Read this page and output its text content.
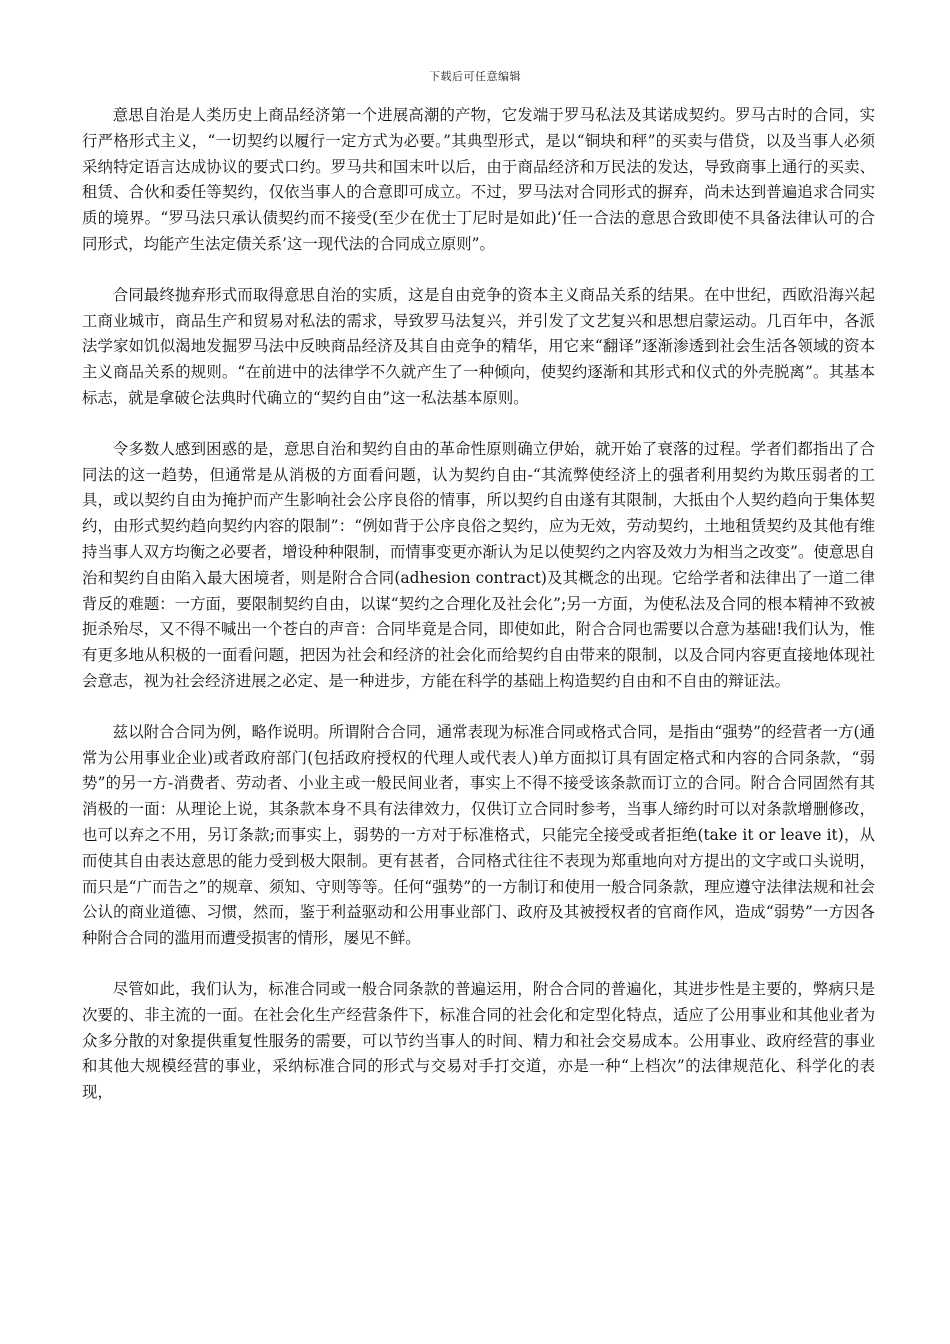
下载后可任意编辑

意思自治是人类历史上商品经济第一个进展高潮的产物，它发端于罗马私法及其诺成契约。罗马古时的合同，实行严格形式主义，“一切契约以履行一定方式为必要。”其典型形式，是以“铜块和秤”的买卖与借贷，以及当事人必须采纳特定语言达成协议的要式口约。罗马共和国末叶以后，由于商品经济和万民法的发达，导致商事上通行的买卖、租赁、合伙和委任等契约，仅依当事人的合意即可成立。不过，罗马法对合同形式的摒弃，尚未达到普遍追求合同实质的境界。“罗马法只承认债契约而不接受(至少在优士丁尼时是如此)‘任一合法的意思合致即使不具备法律认可的合同形式，均能产生法定债关系’这一现代法的合同成立原则”。

合同最终抛弃形式而取得意思自治的实质，这是自由竞争的资本主义商品关系的结果。在中世纪，西欧沿海兴起工商业城市，商品生产和贸易对私法的需求，导致罗马法复兴，并引发了文艺复兴和思想启蒙运动。几百年中，各派法学家如饥似渴地发掘罗马法中反映商品经济及其自由竞争的精华，用它来“翻译”逐渐渗透到社会生活各领域的资本主义商品关系的规则。“在前进中的法律学不久就产生了一种倾向，使契约逐渐和其形式和仪式的外壳脱离”。其基本标志，就是拿破仑法典时代确立的“契约自由”这一私法基本原则。

令多数人感到困惑的是，意思自治和契约自由的革命性原则确立伊始，就开始了衰落的过程。学者们都指出了合同法的这一趋势，但通常是从消极的方面看问题，认为契约自由-“其流弊使经济上的强者利用契约为欺压弱者的工具，或以契约自由为掩护而产生影响社会公序良俗的情事，所以契约自由遂有其限制，大抵由个人契约趋向于集体契约，由形式契约趋向契约内容的限制”：“例如背于公序良俗之契约，应为无效，劳动契约，土地租赁契约及其他有维持当事人双方均衡之必要者，增设种种限制，而情事变更亦渐认为足以使契约之内容及效力为相当之改变”。使意思自治和契约自由陷入最大困境者，则是附合合同(adhesion contract)及其概念的出现。它给学者和法律出了一道二律背反的难题：一方面，要限制契约自由，以谋“契约之合理化及社会化”;另一方面，为使私法及合同的根本精神不致被扼杀殆尽，又不得不喊出一个苍白的声音：合同毕竟是合同，即使如此，附合合同也需要以合意为基础!我们认为，惟有更多地从积极的一面看问题，把因为社会和经济的社会化而给契约自由带来的限制，以及合同内容更直接地体现社会意志，视为社会经济进展之必定、是一种进步，方能在科学的基础上构造契约自由和不自由的辩证法。

兹以附合合同为例，略作说明。所谓附合合同，通常表现为标准合同或格式合同，是指由“强势”的经营者一方(通常为公用事业企业)或者政府部门(包括政府授权的代理人或代表人)单方面拟订具有固定格式和内容的合同条款，“弱势”的另一方-消费者、劳动者、小业主或一般民间业者，事实上不得不接受该条款而订立的合同。附合合同固然有其消极的一面：从理论上说，其条款本身不具有法律效力，仅供订立合同时参考，当事人缔约时可以对条款增删修改，也可以弃之不用，另订条款;而事实上，弱势的一方对于标准格式，只能完全接受或者拒绝(take it or leave it)，从而使其自由表达意思的能力受到极大限制。更有甚者，合同格式往往不表现为郑重地向对方提出的文字或口头说明，而只是“广而告之”的规章、须知、守则等等。任何“强势”的一方制订和使用一般合同条款，理应遵守法律法规和社会公认的商业道德、习惯，然而，鉴于利益驱动和公用事业部门、政府及其被授权者的官商作风，造成“弱势”一方因各种附合合同的滥用而遭受损害的情形，屡见不鲜。

尽管如此，我们认为，标准合同或一般合同条款的普遍运用，附合合同的普遍化，其进步性是主要的，弊病只是次要的、非主流的一面。在社会化生产经营条件下，标准合同的社会化和定型化特点，适应了公用事业和其他业者为众多分散的对象提供重复性服务的需要，可以节约当事人的时间、精力和社会交易成本。公用事业、政府经营的事业和其他大规模经营的事业，采纳标准合同的形式与交易对手打交道，亦是一种“上档次”的法律规范化、科学化的表现，
